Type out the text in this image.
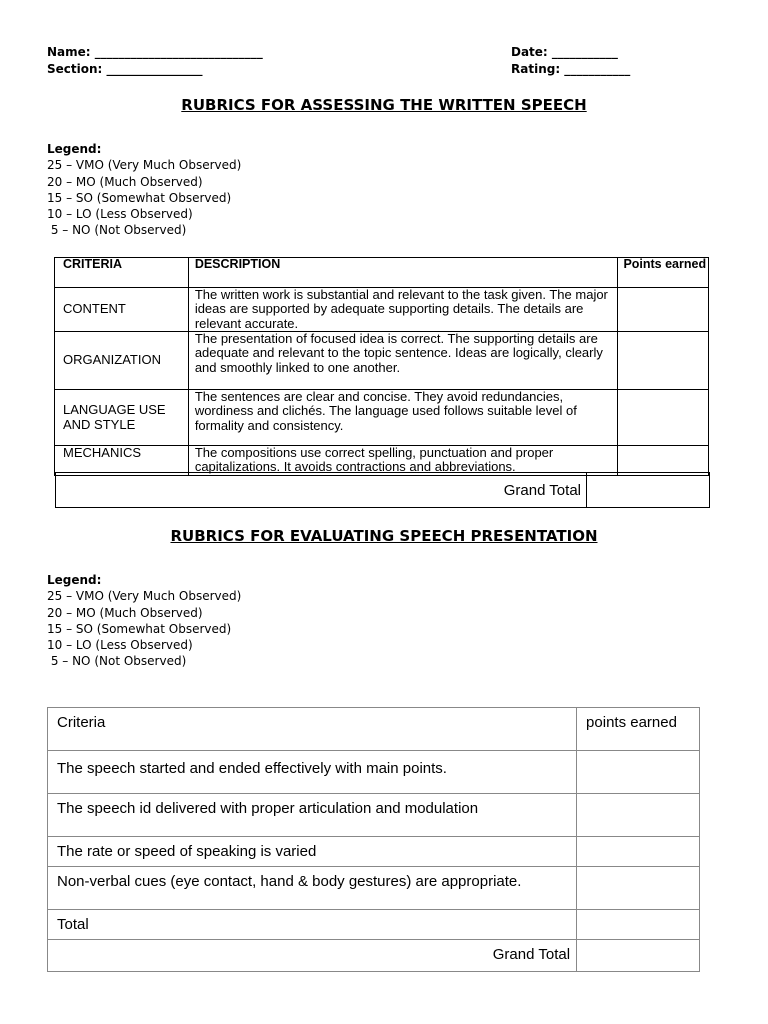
Name: ____________________________
Section: ________________
Date: ___________
Rating: ___________
RUBRICS FOR ASSESSING THE WRITTEN SPEECH
Legend:
25 – VMO (Very Much Observed)
20 – MO (Much Observed)
15 – SO (Somewhat Observed)
10 – LO (Less Observed)
5 – NO (Not Observed)
CRITERIA	DESCRIPTION	Points earned
CONTENT	The written work is substantial and relevant to the task given. The major ideas are supported by adequate supporting details. The details are relevant accurate.	
ORGANIZATION	The presentation of focused idea is correct. The supporting details are adequate and relevant to the topic sentence. Ideas are logically, clearly and smoothly linked to one another.	
LANGUAGE USE AND STYLE	The sentences are clear and concise. They avoid redundancies, wordiness and clichés. The language used follows suitable level of formality and consistency.	
MECHANICS	The compositions use correct spelling, punctuation and proper capitalizations. It avoids contractions and abbreviations.	
Grand Total
RUBRICS FOR EVALUATING SPEECH PRESENTATION
Legend:
25 – VMO (Very Much Observed)
20 – MO (Much Observed)
15 – SO (Somewhat Observed)
10 – LO (Less Observed)
5 – NO (Not Observed)
Criteria	points earned
The speech started and ended effectively with main points.	
The speech id delivered with proper articulation and modulation	
The rate or speed of speaking is varied	
Non-verbal cues (eye contact, hand & body gestures) are appropriate.	
Total	
Grand Total	
